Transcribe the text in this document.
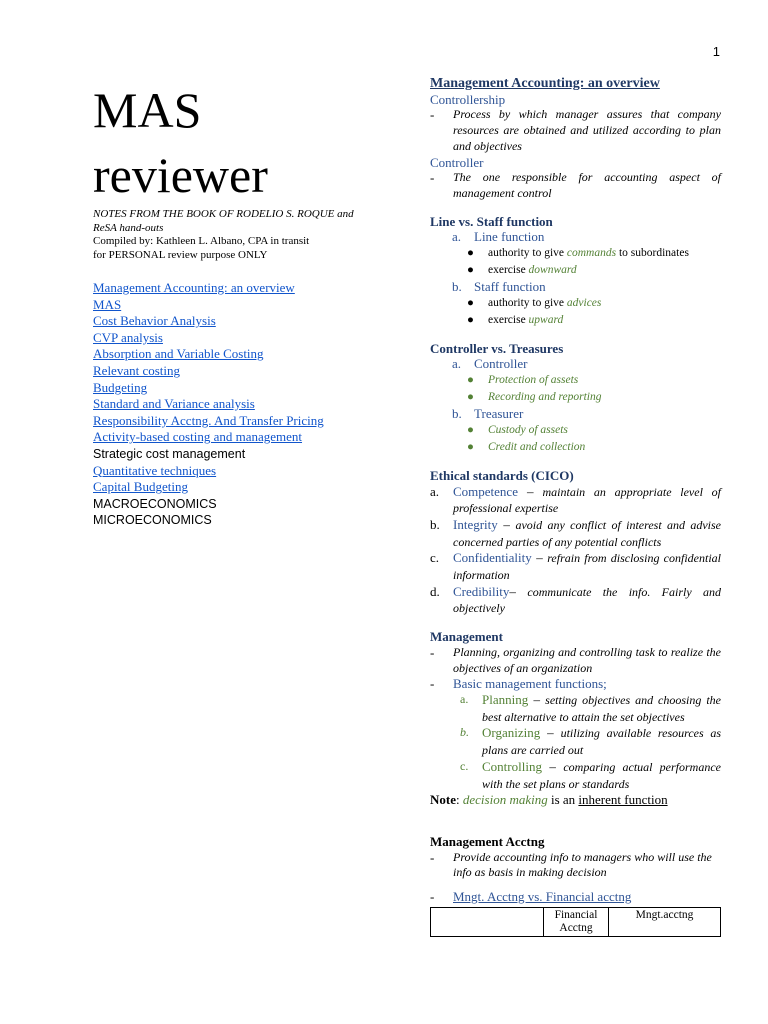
1
MAS
reviewer
NOTES FROM THE BOOK OF RODELIO S. ROQUE and
ReSA hand-outs
Compiled by: Kathleen L. Albano, CPA in transit
for PERSONAL review purpose ONLY
Management Accounting: an overview
MAS
Cost Behavior Analysis
CVP analysis
Absorption and Variable Costing
Relevant costing
Budgeting
Standard and Variance analysis
Responsibility Acctng. And Transfer Pricing
Activity-based costing and management
Strategic cost management
Quantitative techniques
Capital Budgeting
MACROECONOMICS
MICROECONOMICS
Management Accounting: an overview
Controllership
-	Process by which manager assures that company resources are obtained and utilized according to plan and objectives
Controller
-	The one responsible for accounting aspect of management control
Line vs. Staff function
a. Line function
●	authority to give commands to subordinates
●	exercise downward
b. Staff function
●	authority to give advices
●	exercise upward
Controller vs. Treasures
a. Controller
●	Protection of assets
●	Recording and reporting
b. Treasurer
●	Custody of assets
●	Credit and collection
Ethical standards (CICO)
a.	Competence – maintain an appropriate level of professional expertise
b.	Integrity – avoid any conflict of interest and advise concerned parties of any potential conflicts
c.	Confidentiality – refrain from disclosing confidential information
d.	Credibility– communicate the info. Fairly and objectively
Management
-	Planning, organizing and controlling task to realize the objectives of an organization
-	Basic management functions;
a.	Planning – setting objectives and choosing the best alternative to attain the set objectives
b.	Organizing – utilizing available resources as plans are carried out
c.	Controlling – comparing actual performance with the set plans or standards
Note: decision making is an inherent function
Management Acctng
-	Provide accounting info to managers who will use the info as basis in making decision
-	Mngt. Acctng vs. Financial acctng
	Financial Acctng	Mngt.acctng
